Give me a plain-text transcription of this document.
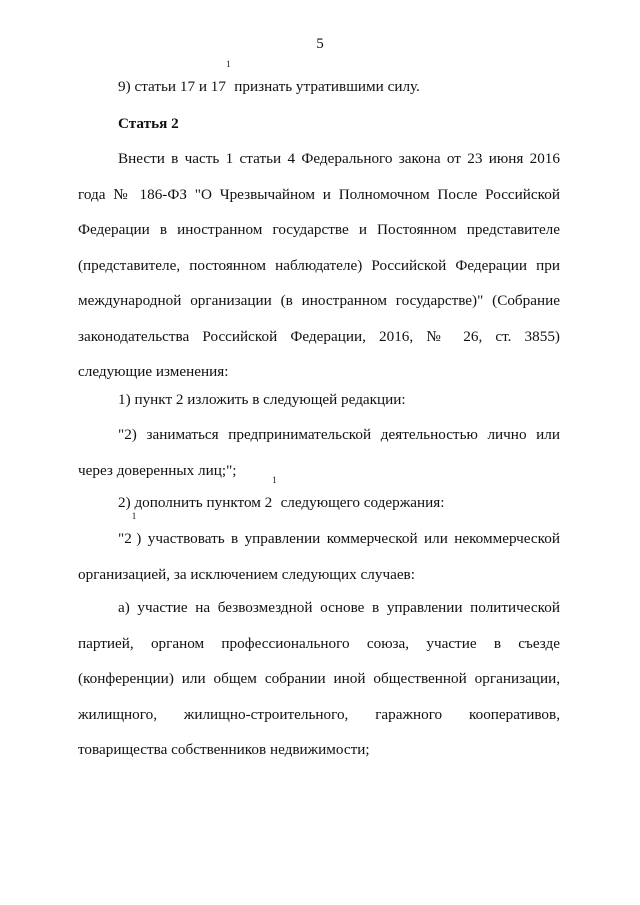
5

9) статьи 17 и $17^1$ признать утратившими силу.

Статья 2

Внести в часть 1 статьи 4 Федерального закона от 23 июня 2016 года № 186-ФЗ "О Чрезвычайном и Полномочном После Российской Федерации в иностранном государстве и Постоянном представителе (представителе, постоянном наблюдателе) Российской Федерации при международной организации (в иностранном государстве)" (Собрание законодательства Российской Федерации, 2016, № 26, ст. 3855) следующие изменения:

1) пункт 2 изложить в следующей редакции:

"2) заниматься предпринимательской деятельностью лично или через доверенных лиц;";

2) дополнить пунктом $2^1$ следующего содержания:

"$2^1$) участвовать в управлении коммерческой или некоммерческой организацией, за исключением следующих случаев:

а) участие на безвозмездной основе в управлении политической партией, органом профессионального союза, участие в съезде (конференции) или общем собрании иной общественной организации, жилищного, жилищно-строительного, гаражного кооперативов, товарищества собственников недвижимости;
